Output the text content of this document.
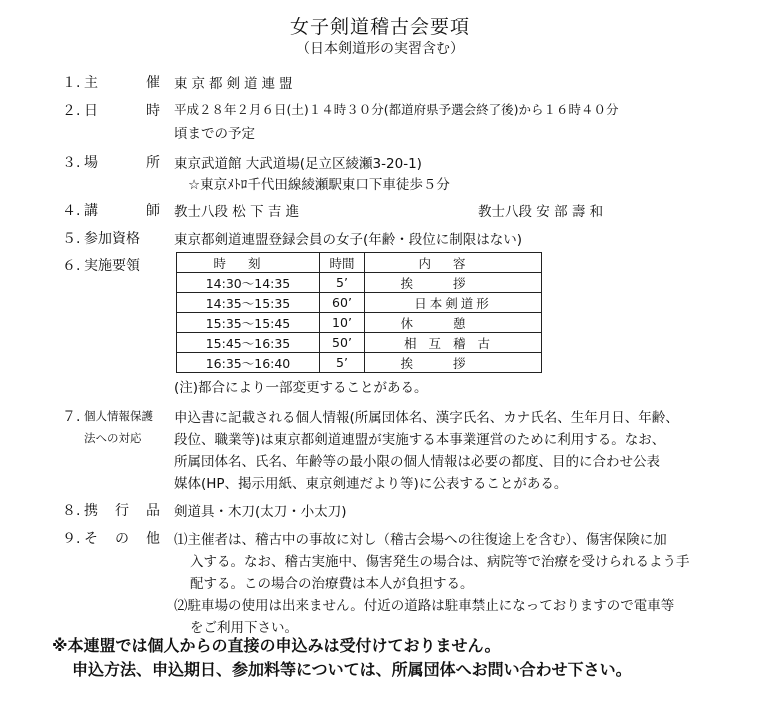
女子剣道稽古会要項
（日本剣道形の実習含む）
１. 主	催 東京都剣道連盟
２. 日	時 平成２８年２月６日(土)１４時３０分(都道府県予選会終了後)から１６時４０分
頃までの予定
３. 場	所 東京武道館 大武道場(足立区綾瀬3-20-1)
☆東京ﾒﾄﾛ千代田線綾瀬駅東口下車徒歩５分
４. 講	師 教士八段 松 下 吉 進	教士八段 安 部 壽 和
５. 参加資格	東京都剣道連盟登録会員の女子(年齢・段位に制限はない)
６. 実施要領	時刻	時間	内容
14:30〜14:35	5’	挨拶
14:35〜15:35	60’	日本剣道形
15:35〜15:45	10’	休憩
15:45〜16:35	50’	相互稽古
16:35〜16:40	5’	挨拶
(注)都合により一部変更することがある。
７. 個人情報保護
法への対応
申込書に記載される個人情報(所属団体名、漢字氏名、カナ氏名、生年月日、年齢、
段位、職業等)は東京都剣道連盟が実施する本事業運営のために利用する。なお、
所属団体名、氏名、年齢等の最小限の個人情報は必要の都度、目的に合わせ公表
媒体(HP、掲示用紙、東京剣連だより等)に公表することがある。
８. 携 行 品 剣道具・木刀(太刀・小太刀)
９. そ の 他 ⑴主催者は、稽古中の事故に対し（稽古会場への往復途上を含む）、傷害保険に加
入する。なお、稽古実施中、傷害発生の場合は、病院等で治療を受けられるよう手
配する。この場合の治療費は本人が負担する。
⑵駐車場の使用は出来ません。付近の道路は駐車禁止になっておりますので電車等
をご利用下さい。
※本連盟では個人からの直接の申込みは受付けておりません。
申込方法、申込期日、参加料等については、所属団体へお問い合わせ下さい。
